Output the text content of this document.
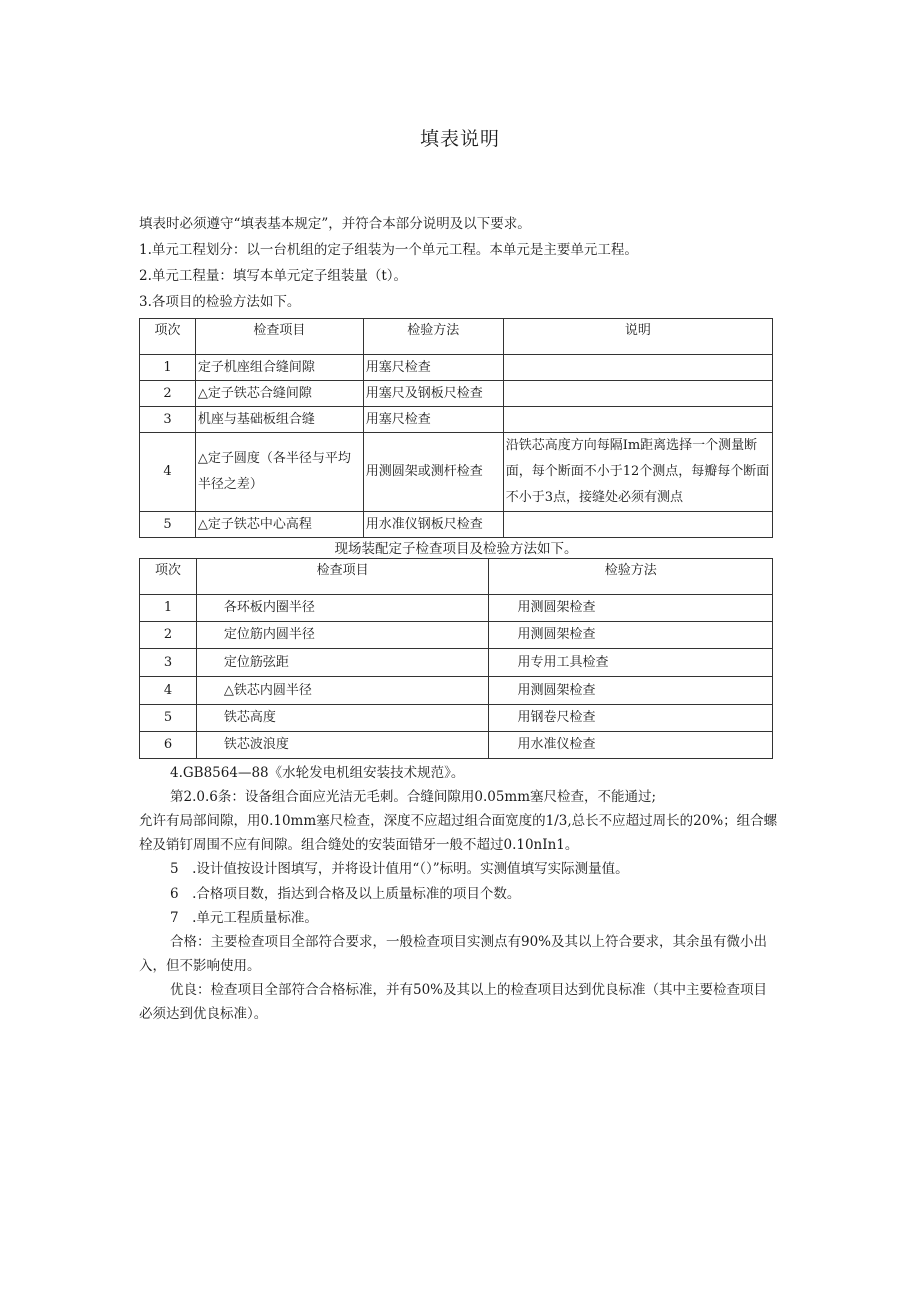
填表说明
填表时必须遵守“填表基本规定”，并符合本部分说明及以下要求。
1.单元工程划分：以一台机组的定子组装为一个单元工程。本单元是主要单元工程。
2.单元工程量：填写本单元定子组装量（t）。
3.各项目的检验方法如下。
项次	检查项目	检验方法	说明
1	定子机座组合缝间隙	用塞尺检查	
2	△定子铁芯合缝间隙	用塞尺及钢板尺检查	
3	机座与基础板组合缝	用塞尺检查	
4	△定子圆度（各半径与平均半径之差）	用测圆架或测杆检查	沿铁芯高度方向每隔Im距离选择一个测量断面，每个断面不小于12个测点，每瓣每个断面不小于3点，接缝处必须有测点
5	△定子铁芯中心高程	用水准仪钢板尺检查	
现场装配定子检查项目及检验方法如下。
项次	检查项目	检验方法
1	各环板内圈半径	用测圆架检查
2	定位筋内圆半径	用测圆架检查
3	定位筋弦距	用专用工具检查
4	△铁芯内圆半径	用测圆架检查
5	铁芯高度	用钢卷尺检查
6	铁芯波浪度	用水准仪检查
4.GB8564—88《水轮发电机组安装技术规范》。
第2.0.6条：设备组合面应光洁无毛刺。合缝间隙用0.05mm塞尺检查，不能通过;
允许有局部间隙，用0.10mm塞尺检查，深度不应超过组合面宽度的1/3,总长不应超过周长的20%；组合螺
栓及销钉周围不应有间隙。组合缝处的安装面错牙一般不超过0.10nIn1。
5　.设计值按设计图填写，并将设计值用“（）”标明。实测值填写实际测量值。
6　.合格项目数，指达到合格及以上质量标准的项目个数。
7　.单元工程质量标准。
合格：主要检查项目全部符合要求，一般检查项目实测点有90%及其以上符合要求，其余虽有微小出
入，但不影响使用。
优良：检查项目全部符合合格标准，并有50%及其以上的检查项目达到优良标准（其中主要检查项目
必须达到优良标准）。
